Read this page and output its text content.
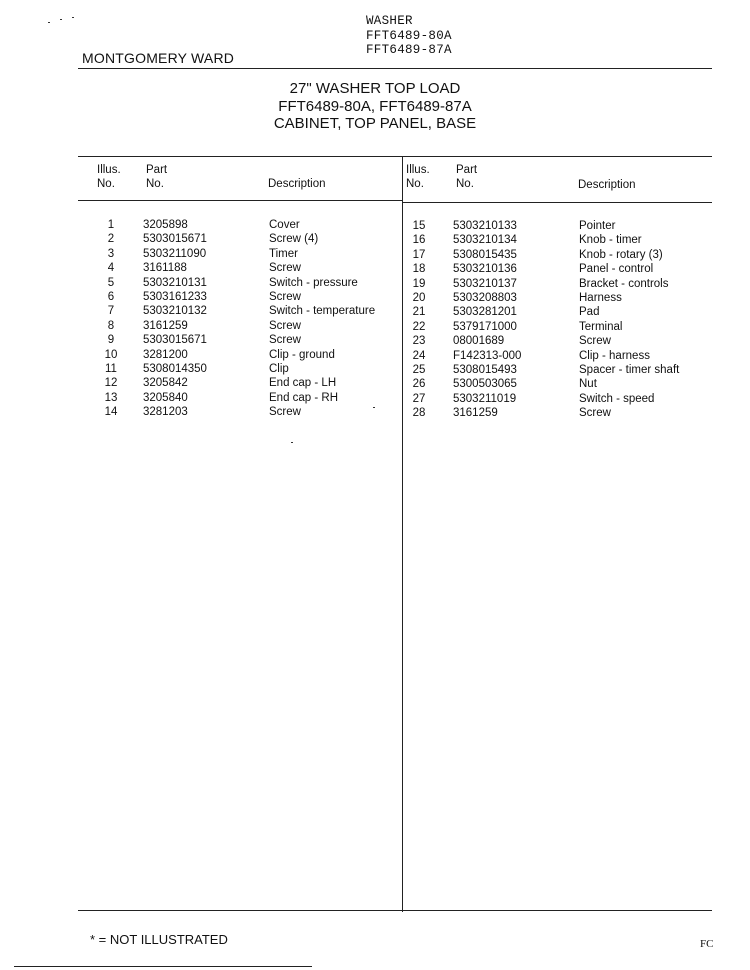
WASHER
FFT6489-80A
FFT6489-87A
MONTGOMERY WARD
27" WASHER TOP LOAD
FFT6489-80A, FFT6489-87A
CABINET, TOP PANEL, BASE
Illus.
No.
Part
No.	Description
Illus.
No.
Part
No.	Description
1	3205898	Cover
2	5303015671	Screw (4)
3	5303211090	Timer
4	3161188	Screw
5	5303210131	Switch - pressure
6	5303161233	Screw
7	5303210132	Switch - temperature
8	3161259	Screw
9	5303015671	Screw
10	3281200	Clip - ground
11	5308014350	Clip
12	3205842	End cap - LH
13	3205840	End cap - RH
14	3281203	Screw
15	5303210133	Pointer
16	5303210134	Knob - timer
17	5308015435	Knob - rotary (3)
18	5303210136	Panel - control
19	5303210137	Bracket - controls
20	5303208803	Harness
21	5303281201	Pad
22	5379171000	Terminal
23	08001689	Screw
24	F142313-000	Clip - harness
25	5308015493	Spacer - timer shaft
26	5300503065	Nut
27	5303211019	Switch - speed
28	3161259	Screw
* = NOT ILLUSTRATED	FC
